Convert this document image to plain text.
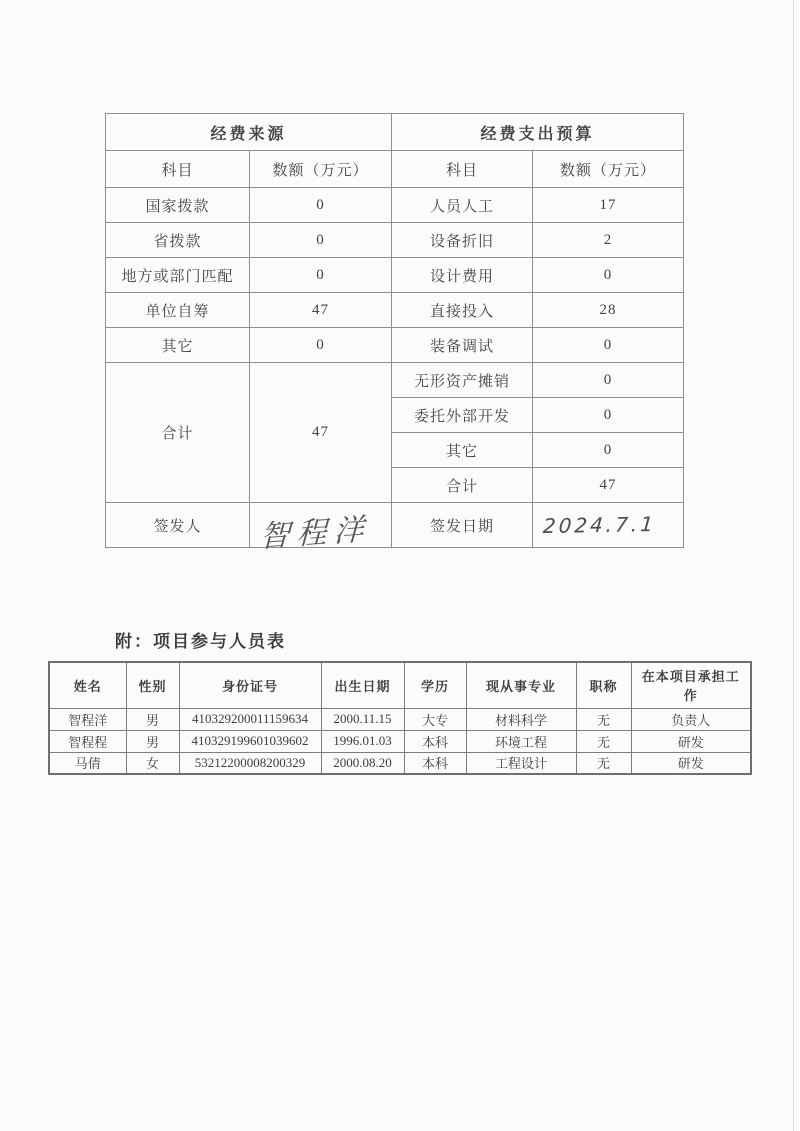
经费来源		经费支出预算	
科目	数额（万元）	科目	数额（万元）
国家拨款	0	人员人工	17
省拨款	0	设备折旧	2
地方或部门匹配	0	设计费用	0
单位自筹	47	直接投入	28
其它	0	装备调试	0
合计	47	无形资产摊销	0
		委托外部开发	0
		其它	0
		合计	47
签发人	智程洋	签发日期	2024.7.1
附：项目参与人员表
姓名	性别	身份证号	出生日期	学历	现从事专业	职称	在本项目承担工作
智程洋	男	410329200011159634	2000.11.15	大专	材料科学	无	负责人
智程程	男	410329199601039602	1996.01.03	本科	环境工程	无	研发
马倩	女	53212200008200329	2000.08.20	本科	工程设计	无	研发
